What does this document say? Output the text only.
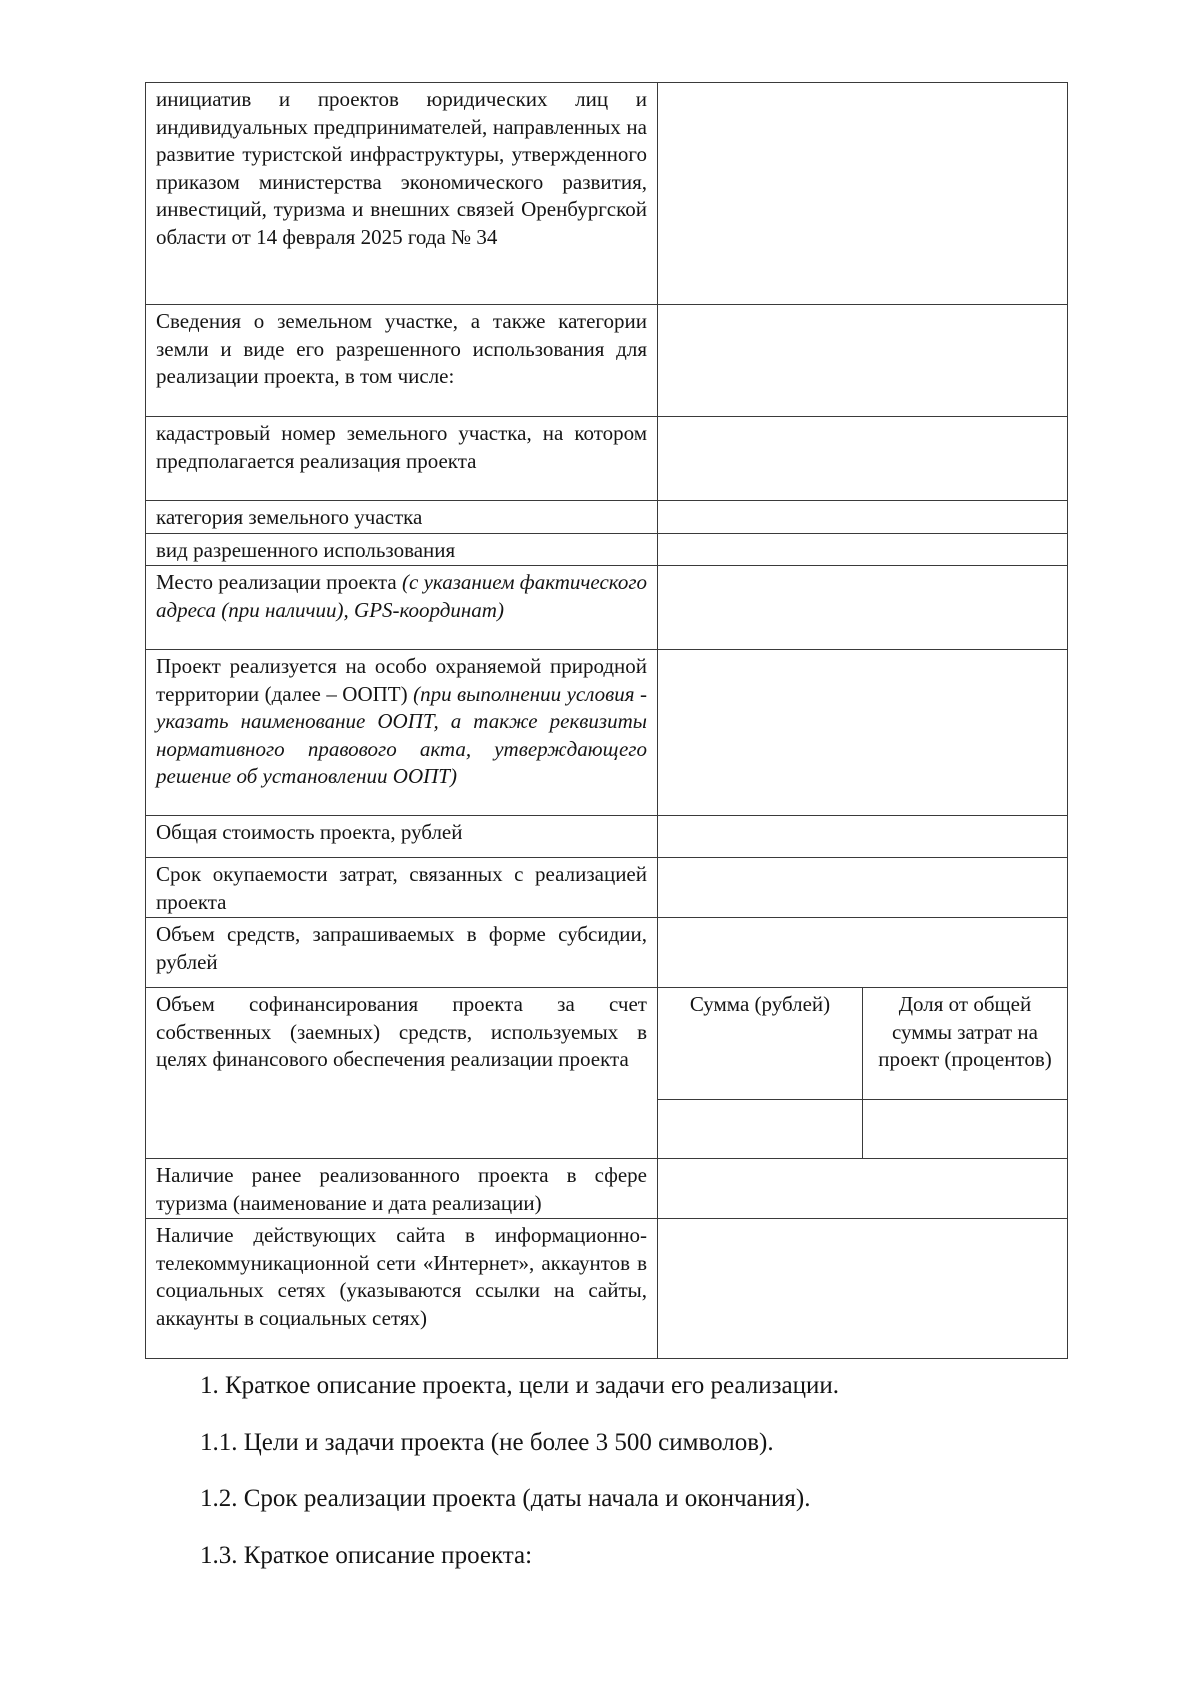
инициатив и проектов юридических лиц и индивидуальных предпринимателей, направленных на развитие туристской инфраструктуры, утвержденного приказом министерства экономического развития, инвестиций, туризма и внешних связей Оренбургской области от 14 февраля 2025 года № 34		
Сведения о земельном участке, а также категории земли и виде его разрешенного использования для реализации проекта, в том числе:		
кадастровый номер земельного участка, на котором предполагается реализация проекта		
категория земельного участка		
вид разрешенного использования		
Место реализации проекта (с указанием фактического адреса (при наличии), GPS-координат)		
Проект реализуется на особо охраняемой природной территории (далее – ООПТ) (при выполнении условия - указать наименование ООПТ, а также реквизиты нормативного правового акта, утверждающего решение об установлении ООПТ)		
Общая стоимость проекта, рублей		
Срок окупаемости затрат, связанных с реализацией проекта		
Объем средств, запрашиваемых в форме субсидии, рублей		
Объем софинансирования проекта за счет собственных (заемных) средств, используемых в целях финансового обеспечения реализации проекта	Сумма (рублей)	Доля от общей суммы затрат на проект (процентов)

Наличие ранее реализованного проекта в сфере туризма (наименование и дата реализации)		
Наличие действующих сайта в информационно-телекоммуникационной сети «Интернет», аккаунтов в социальных сетях (указываются ссылки на сайты, аккаунты в социальных сетях)		

1. Краткое описание проекта, цели и задачи его реализации.

1.1. Цели и задачи проекта (не более 3 500 символов).

1.2. Срок реализации проекта (даты начала и окончания).

1.3. Краткое описание проекта:
